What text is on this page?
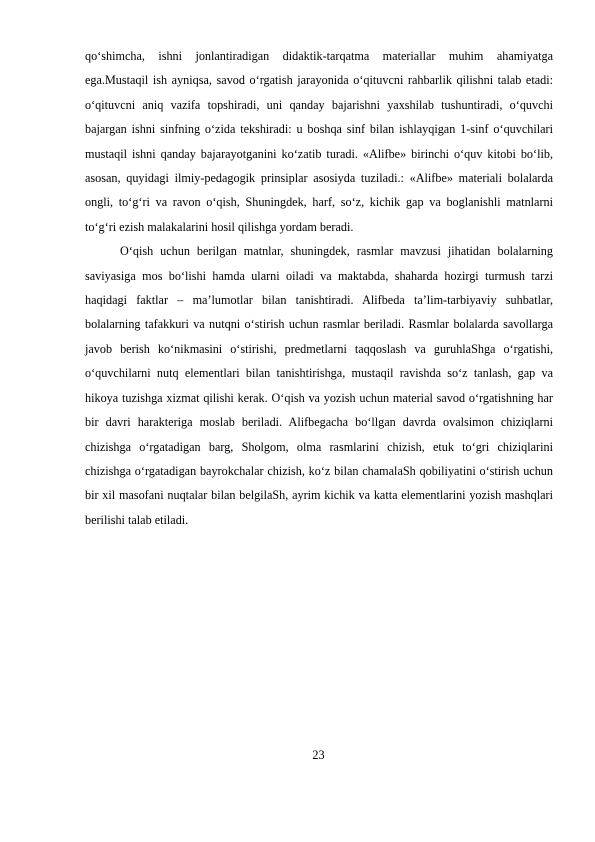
qo‘shimcha, ishni jonlantiradigan didaktik-tarqatma materiallar muhim ahamiyatga ega.Mustaqil ish ayniqsa, savod o‘rgatish jarayonida o‘qituvcni rahbarlik qilishni talab etadi: o‘qituvcni aniq vazifa topshiradi, uni qanday bajarishni yaxshilab tushuntiradi, o‘quvchi bajargan ishni sinfning o‘zida tekshiradi: u boshqa sinf bilan ishlayqigan 1-sinf o‘quvchilari mustaqil ishni qanday bajarayotganini ko‘zatib turadi. «Alifbe» birinchi o‘quv kitobi bo‘lib, asosan, quyidagi ilmiy-pedagogik prinsiplar asosiyda tuziladi.: «Alifbe» materiali bolalarda ongli, to‘g‘ri va ravon o‘qish, Shuningdek, harf, so‘z, kichik gap va boglanishli matnlarni to‘g‘ri ezish malakalarini hosil qilishga yordam beradi.

O‘qish uchun berilgan matnlar, shuningdek, rasmlar mavzusi jihatidan bolalarning saviyasiga mos bo‘lishi hamda ularni oiladi va maktabda, shaharda hozirgi turmush tarzi haqidagi faktlar – ma’lumotlar bilan tanishtiradi. Alifbeda ta’lim-tarbiyaviy suhbatlar, bolalarning tafakkuri va nutqni o‘stirish uchun rasmlar beriladi. Rasmlar bolalarda savollarga javob berish ko‘nikmasini o‘stirishi, predmetlarni taqqoslash va guruhlaShga o‘rgatishi, o‘quvchilarni nutq elementlari bilan tanishtirishga, mustaqil ravishda so‘z tanlash, gap va hikoya tuzishga xizmat qilishi kerak. O‘qish va yozish uchun material savod o‘rgatishning har bir davri harakteriga moslab beriladi. Alifbegacha bo‘llgan davrda ovalsimon chiziqlarni chizishga o‘rgatadigan barg, Sholgom, olma rasmlarini chizish, etuk to‘gri chiziqlarini chizishga o‘rgatadigan bayrokchalar chizish, ko‘z bilan chamalaSh qobiliyatini o‘stirish uchun bir xil masofani nuqtalar bilan belgilaSh, ayrim kichik va katta elementlarini yozish mashqlari berilishi talab etiladi.

23
